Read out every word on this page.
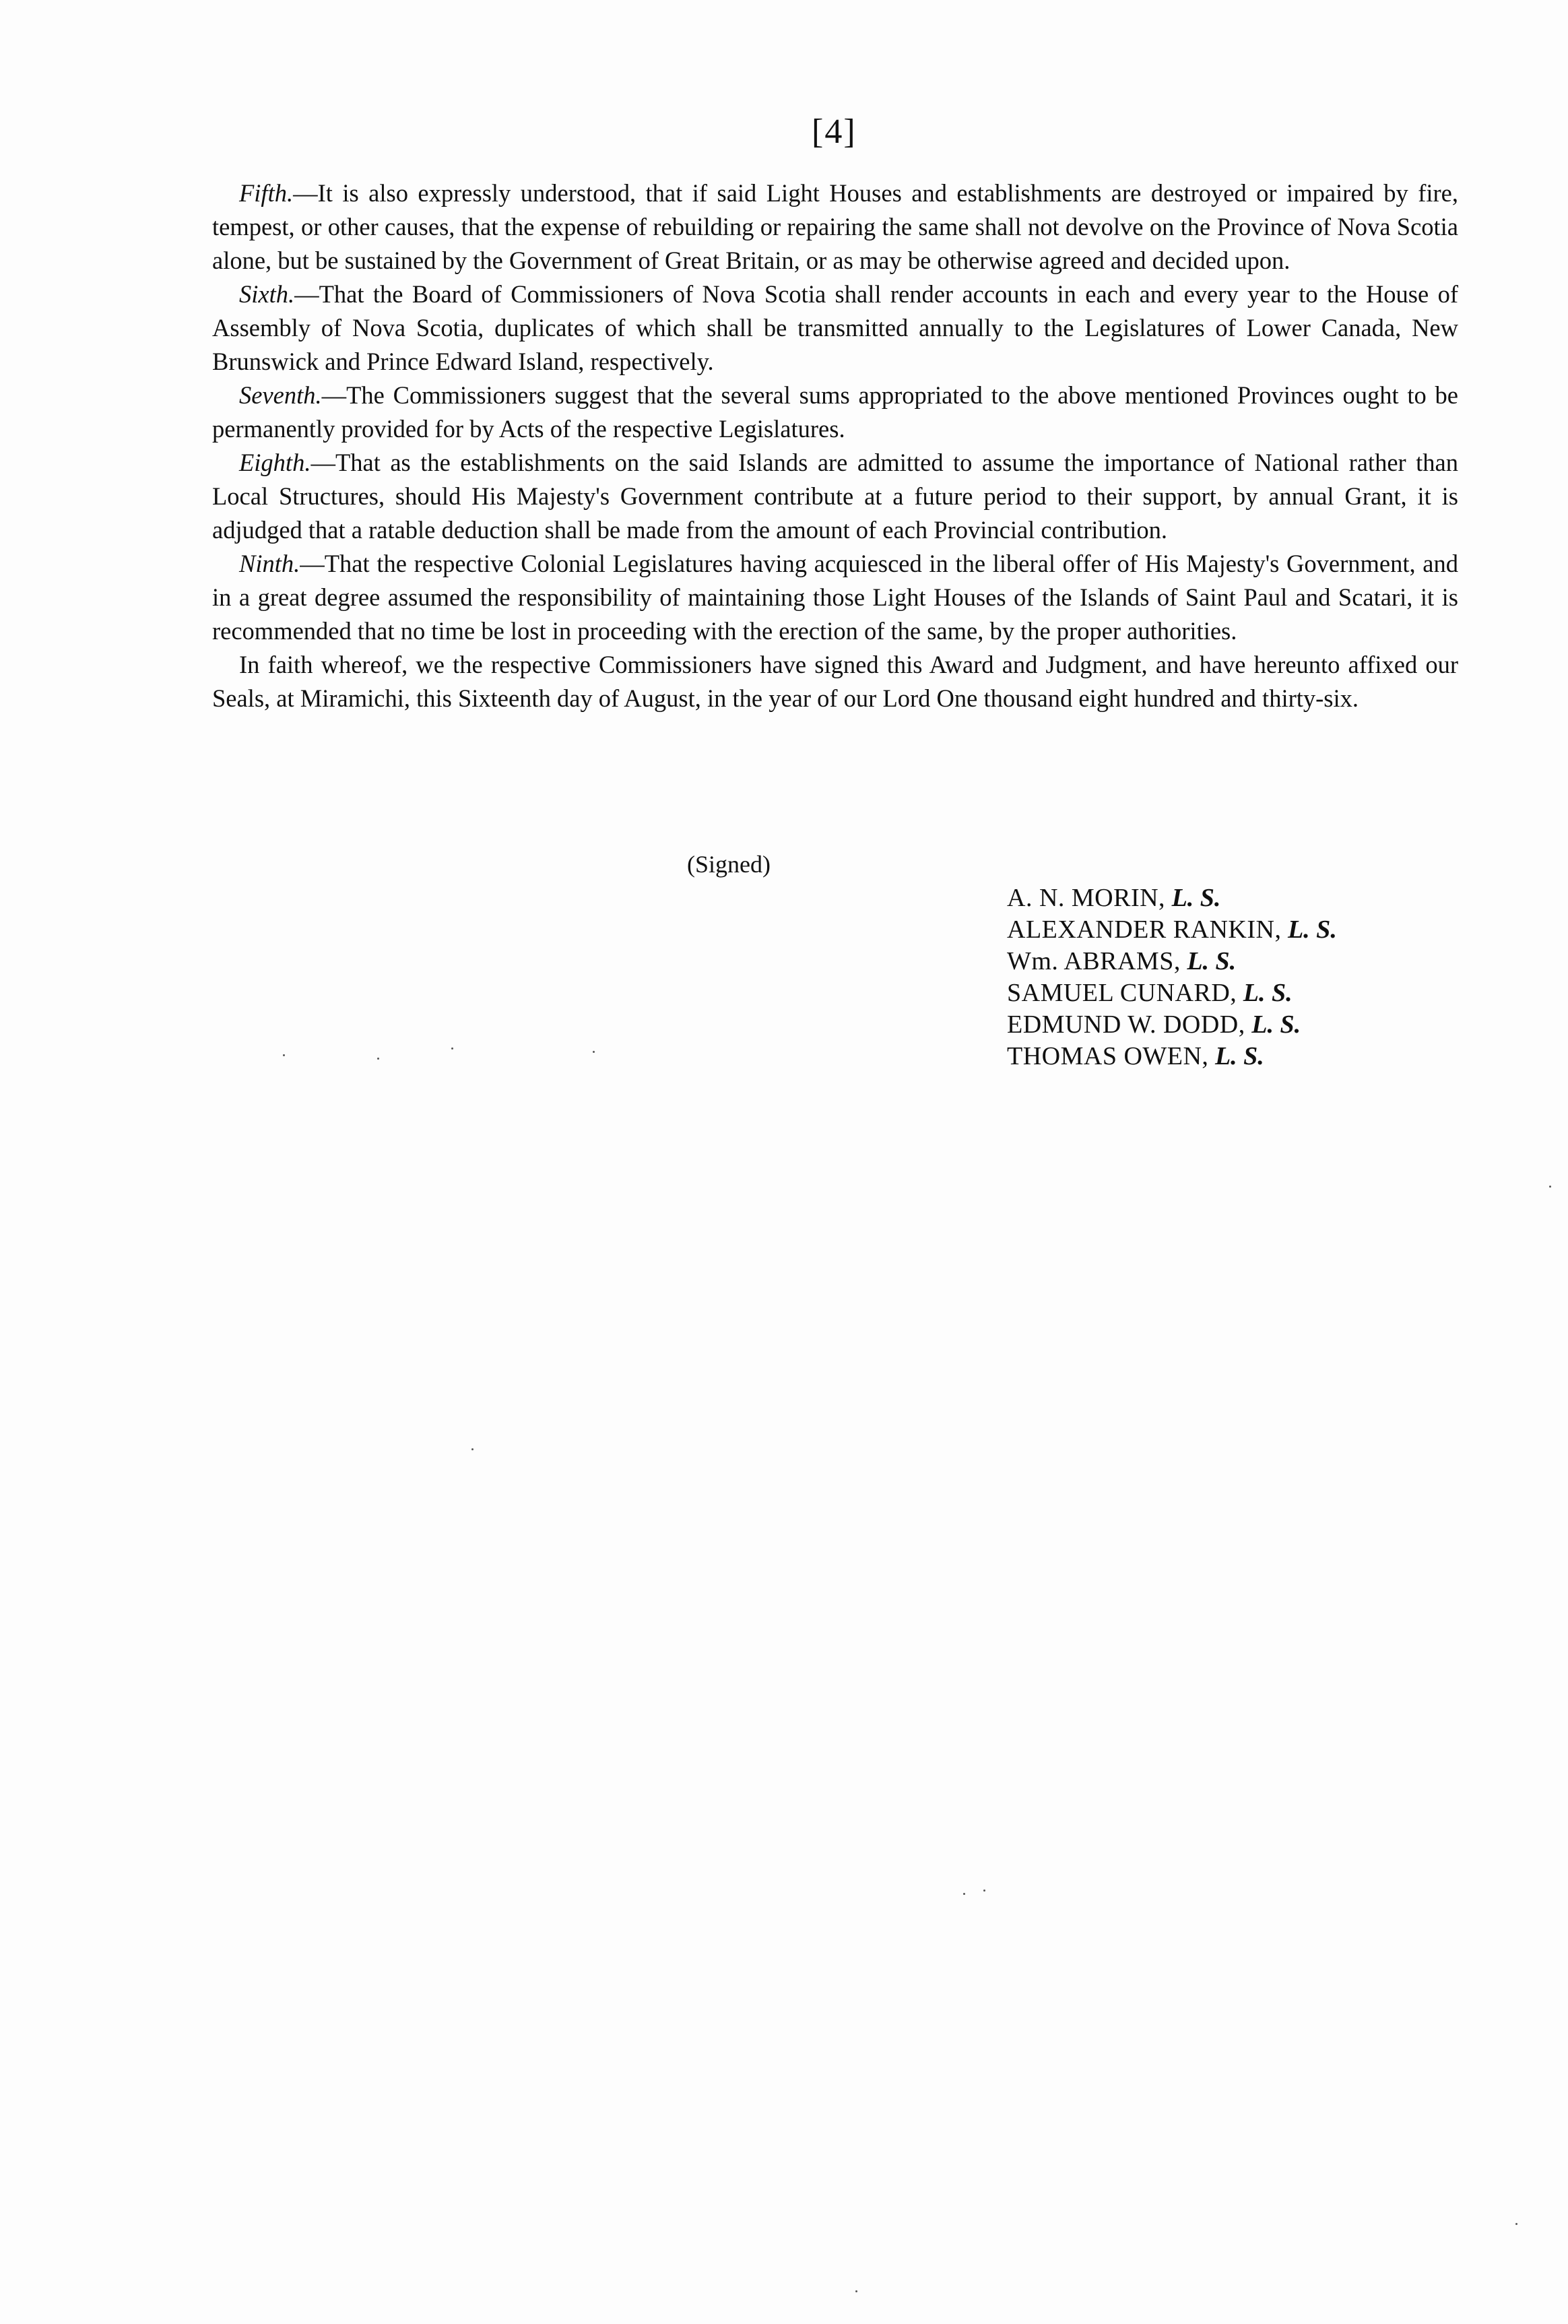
[4]

Fifth.—It is also expressly understood, that if said Light Houses and establishments are destroyed or impaired by fire, tempest, or other causes, that the expense of rebuilding or repairing the same shall not devolve on the Province of Nova Scotia alone, but be sustained by the Government of Great Britain, or as may be otherwise agreed and decided upon.

Sixth.—That the Board of Commissioners of Nova Scotia shall render accounts in each and every year to the House of Assembly of Nova Scotia, duplicates of which shall be transmitted annually to the Legislatures of Lower Canada, New Brunswick and Prince Edward Island, respectively.

Seventh.—The Commissioners suggest that the several sums appropriated to the above mentioned Provinces ought to be permanently provided for by Acts of the respective Legislatures.

Eighth.—That as the establishments on the said Islands are admitted to assume the importance of National rather than Local Structures, should His Majesty's Government contribute at a future period to their support, by annual Grant, it is adjudged that a ratable deduction shall be made from the amount of each Provincial contribution.

Ninth.—That the respective Colonial Legislatures having acquiesced in the liberal offer of His Majesty's Government, and in a great degree assumed the responsibility of maintaining those Light Houses of the Islands of Saint Paul and Scatari, it is recommended that no time be lost in proceeding with the erection of the same, by the proper authorities.

In faith whereof, we the respective Commissioners have signed this Award and Judgment, and have hereunto affixed our Seals, at Miramichi, this Sixteenth day of August, in the year of our Lord One thousand eight hundred and thirty-six.

(Signed)
A. N. MORIN, L. S.
ALEXANDER RANKIN, L. S.
Wm. ABRAMS, L. S.
SAMUEL CUNARD, L. S.
EDMUND W. DODD, L. S.
THOMAS OWEN, L. S.
